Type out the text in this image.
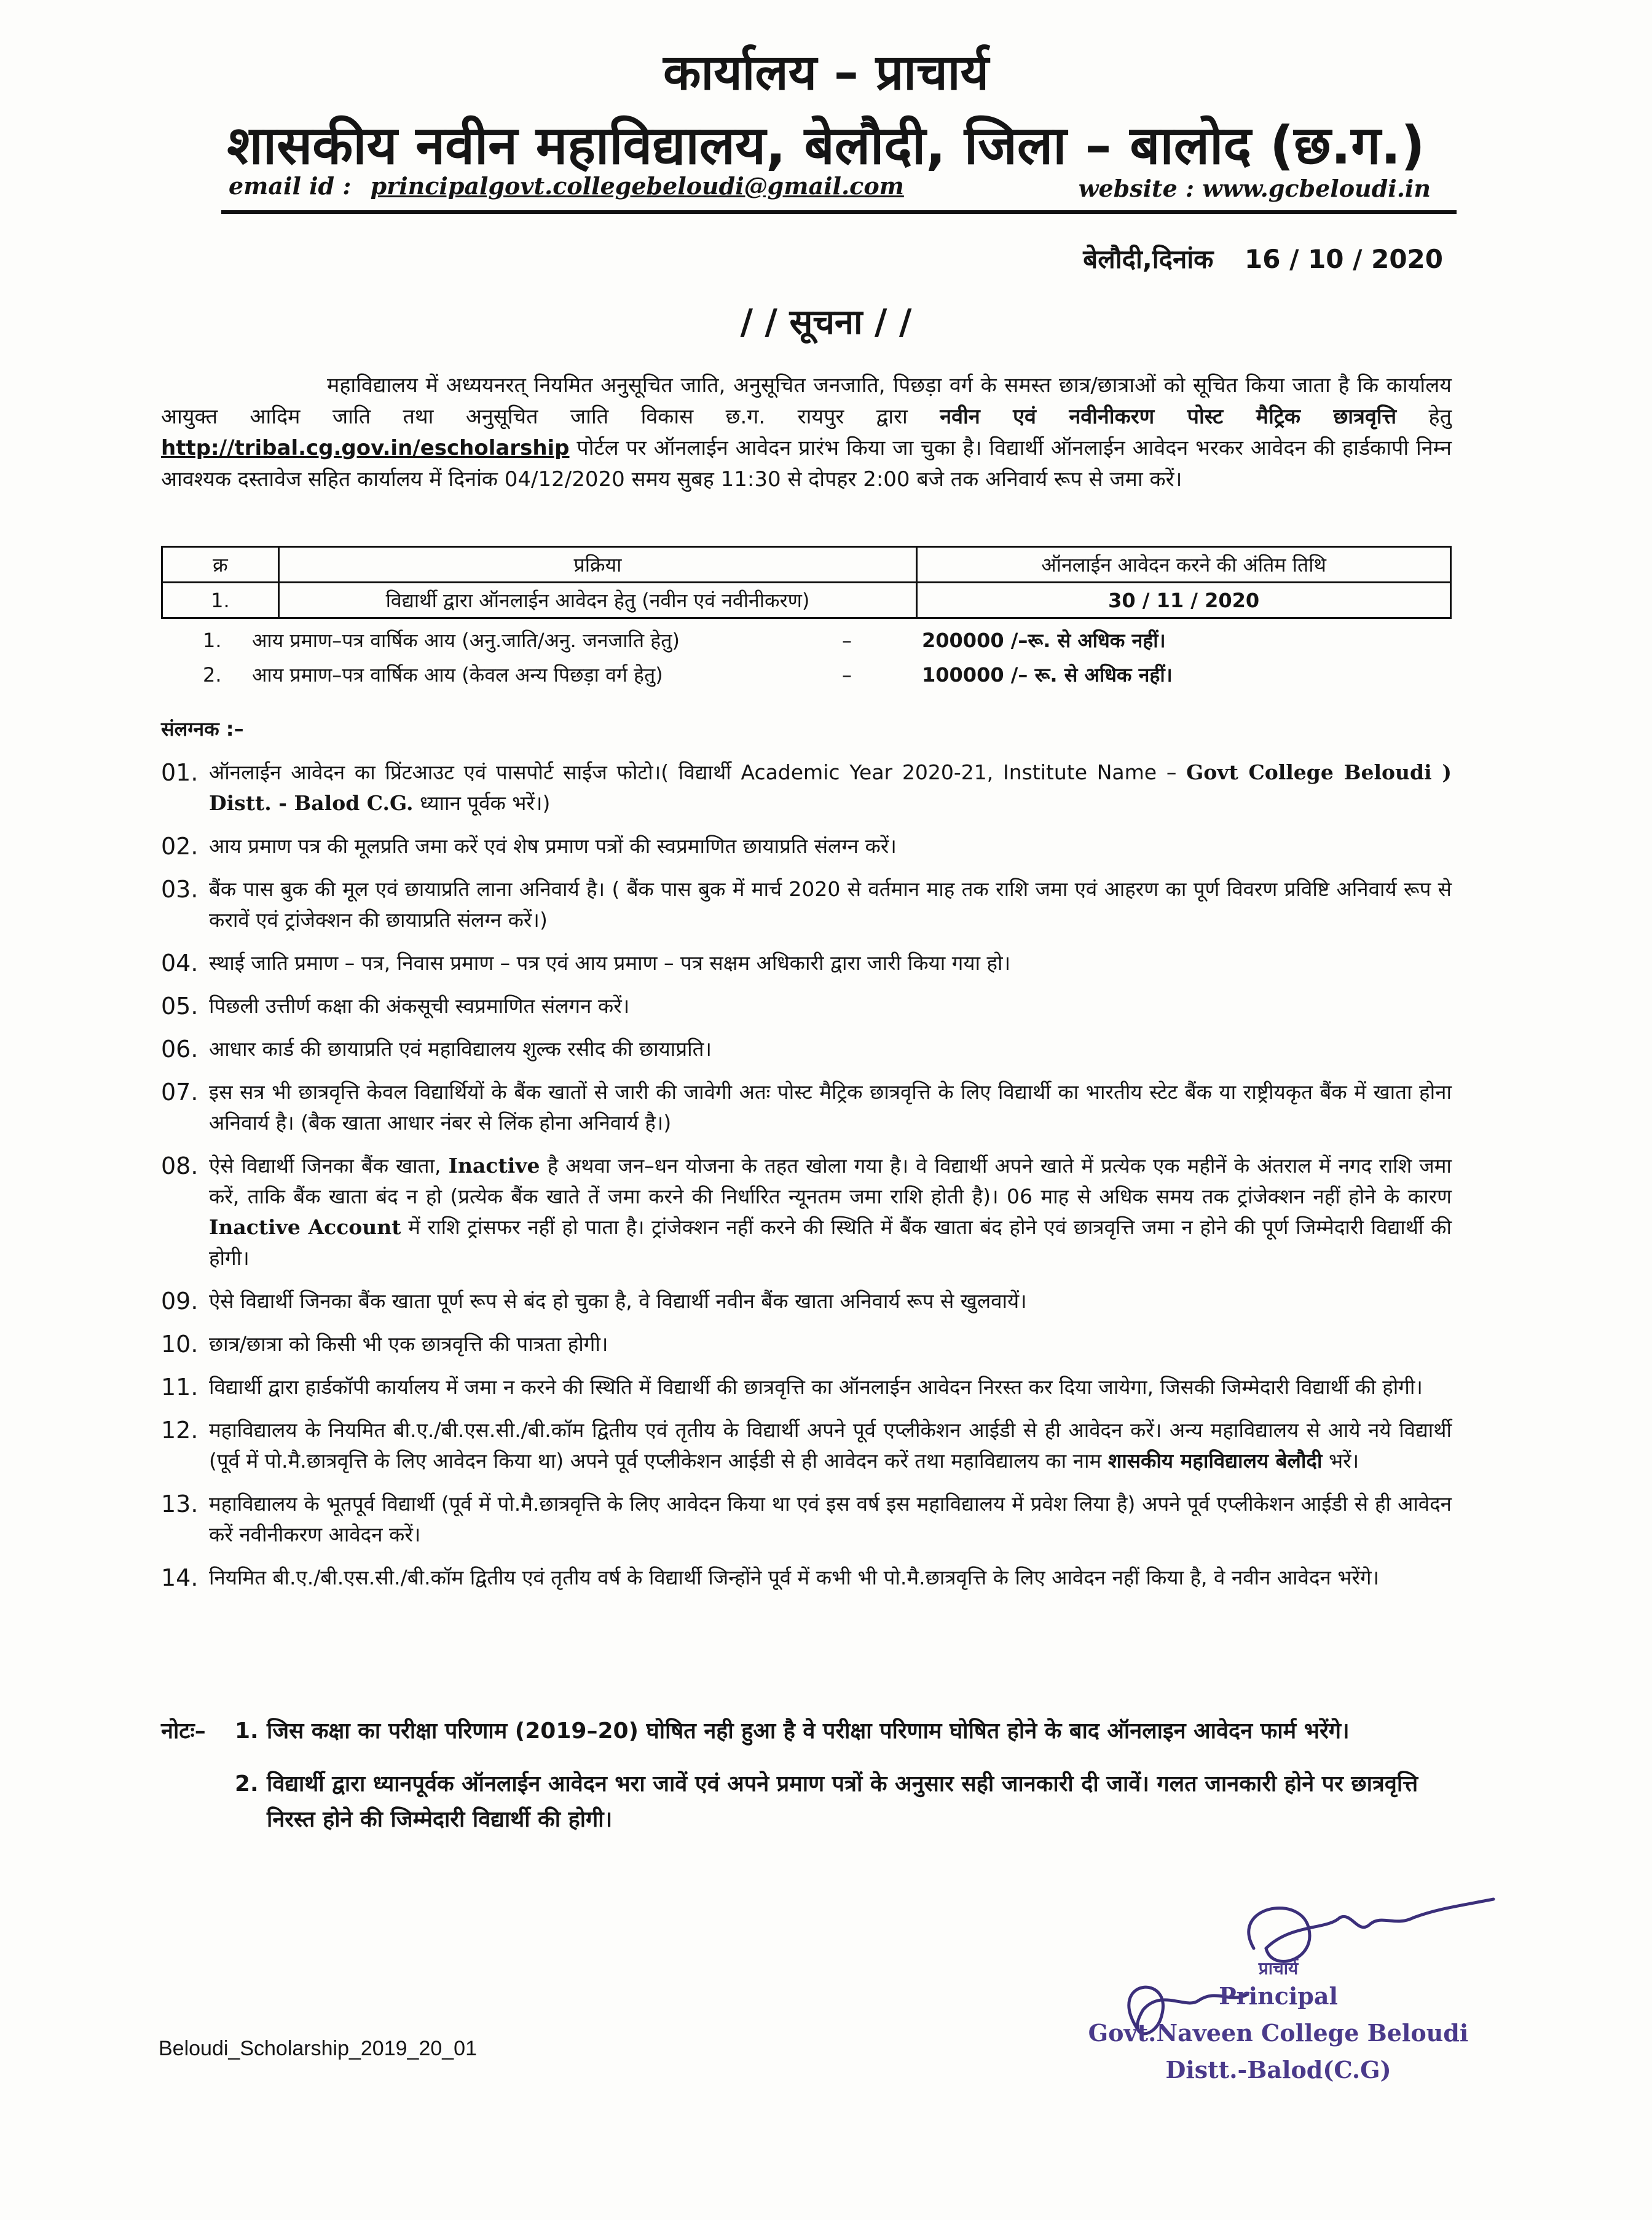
कार्यालय – प्राचार्य
शासकीय नवीन महाविद्यालय, बेलौदी, जिला – बालोद (छ.ग.)
email id : principalgovt.collegebeloudi@gmail.com	website : www.gcbeloudi.in
बेलौदी,दिनांक 16 / 10 / 2020
/ / सूचना / /
महाविद्यालय में अध्ययनरत् नियमित अनुसूचित जाति, अनुसूचित जनजाति, पिछड़ा वर्ग के समस्त छात्र/छात्राओं को सूचित किया जाता है कि कार्यालय आयुक्त आदिम जाति तथा अनुसूचित जाति विकास छ.ग. रायपुर द्वारा नवीन एवं नवीनीकरण पोस्ट मैट्रिक छात्रवृत्ति हेतु http://tribal.cg.gov.in/escholarship पोर्टल पर ऑनलाईन आवेदन प्रारंभ किया जा चुका है। विद्यार्थी ऑनलाईन आवेदन भरकर आवेदन की हार्डकापी निम्न आवश्यक दस्तावेज सहित कार्यालय में दिनांक 04/12/2020 समय सुबह 11:30 से दोपहर 2:00 बजे तक अनिवार्य रूप से जमा करें।
क्र	प्रक्रिया	ऑनलाईन आवेदन करने की अंतिम तिथि
1.	विद्यार्थी द्वारा ऑनलाईन आवेदन हेतु (नवीन एवं नवीनीकरण)	30 / 11 / 2020
1.	आय प्रमाण–पत्र वार्षिक आय (अनु.जाति/अनु. जनजाति हेतु)	–	200000 /–रू. से अधिक नहीं।
2.	आय प्रमाण–पत्र वार्षिक आय (केवल अन्य पिछड़ा वर्ग हेतु)	–	100000 /– रू. से अधिक नहीं।
संलग्नक :–
01. ऑनलाईन आवेदन का प्रिंटआउट एवं पासपोर्ट साईज फोटो।( विद्यार्थी Academic Year 2020-21, Institute Name – Govt College Beloudi ) Distt. - Balod C.G. ध्याान पूर्वक भरें।)
02. आय प्रमाण पत्र की मूलप्रति जमा करें एवं शेष प्रमाण पत्रों की स्वप्रमाणित छायाप्रति संलग्न करें।
03. बैंक पास बुक की मूल एवं छायाप्रति लाना अनिवार्य है। ( बैंक पास बुक में मार्च 2020 से वर्तमान माह तक राशि जमा एवं आहरण का पूर्ण विवरण प्रविष्टि अनिवार्य रूप से करावें एवं ट्रांजेक्शन की छायाप्रति संलग्न करें।)
04. स्थाई जाति प्रमाण – पत्र, निवास प्रमाण – पत्र एवं आय प्रमाण – पत्र सक्षम अधिकारी द्वारा जारी किया गया हो।
05. पिछली उत्तीर्ण कक्षा की अंकसूची स्वप्रमाणित संलगन करें।
06. आधार कार्ड की छायाप्रति एवं महाविद्यालय शुल्क रसीद की छायाप्रति।
07. इस सत्र भी छात्रवृत्ति केवल विद्यार्थियों के बैंक खातों से जारी की जावेगी अतः पोस्ट मैट्रिक छात्रवृत्ति के लिए विद्यार्थी का भारतीय स्टेट बैंक या राष्ट्रीयकृत बैंक में खाता होना अनिवार्य है। (बैक खाता आधार नंबर से लिंक होना अनिवार्य है।)
08. ऐसे विद्यार्थी जिनका बैंक खाता, Inactive है अथवा जन–धन योजना के तहत खोला गया है। वे विद्यार्थी अपने खाते में प्रत्येक एक महीनें के अंतराल में नगद राशि जमा करें, ताकि बैंक खाता बंद न हो (प्रत्येक बैंक खाते तें जमा करने की निर्धारित न्यूनतम जमा राशि होती है)। 06 माह से अधिक समय तक ट्रांजेक्शन नहीं होने के कारण Inactive Account में राशि ट्रांसफर नहीं हो पाता है। ट्रांजेक्शन नहीं करने की स्थिति में बैंक खाता बंद होने एवं छात्रवृत्ति जमा न होने की पूर्ण जिम्मेदारी विद्यार्थी की होगी।
09. ऐसे विद्यार्थी जिनका बैंक खाता पूर्ण रूप से बंद हो चुका है, वे विद्यार्थी नवीन बैंक खाता अनिवार्य रूप से खुलवायें।
10. छात्र/छात्रा को किसी भी एक छात्रवृत्ति की पात्रता होगी।
11. विद्यार्थी द्वारा हार्डकॉपी कार्यालय में जमा न करने की स्थिति में विद्यार्थी की छात्रवृत्ति का ऑनलाईन आवेदन निरस्त कर दिया जायेगा, जिसकी जिम्मेदारी विद्यार्थी की होगी।
12. महाविद्यालय के नियमित बी.ए./बी.एस.सी./बी.कॉम द्वितीय एवं तृतीय के विद्यार्थी अपने पूर्व एप्लीकेशन आईडी से ही आवेदन करें। अन्य महाविद्यालय से आये नये विद्यार्थी (पूर्व में पो.मै.छात्रवृत्ति के लिए आवेदन किया था) अपने पूर्व एप्लीकेशन आईडी से ही आवेदन करें तथा महाविद्यालय का नाम शासकीय महाविद्यालय बेलौदी भरें।
13. महाविद्यालय के भूतपूर्व विद्यार्थी (पूर्व में पो.मै.छात्रवृत्ति के लिए आवेदन किया था एवं इस वर्ष इस महाविद्यालय में प्रवेश लिया है) अपने पूर्व एप्लीकेशन आईडी से ही आवेदन करें नवीनीकरण आवेदन करें।
14. नियमित बी.ए./बी.एस.सी./बी.कॉम द्वितीय एवं तृतीय वर्ष के विद्यार्थी जिन्होंने पूर्व में कभी भी पो.मै.छात्रवृत्ति के लिए आवेदन नहीं किया है, वे नवीन आवेदन भरेंगे।
नोटः–	1. जिस कक्षा का परीक्षा परिणाम (2019–20) घोषित नही हुआ है वे परीक्षा परिणाम घोषित होने के बाद ऑनलाइन आवेदन फार्म भरेंगे।
2. विद्यार्थी द्वारा ध्यानपूर्वक ऑनलाईन आवेदन भरा जावें एवं अपने प्रमाण पत्रों के अनुसार सही जानकारी दी जावें। गलत जानकारी होने पर छात्रवृत्ति निरस्त होने की जिम्मेदारी विद्यार्थी की होगी।
प्राचार्य
Principal
Govt.Naveen College Beloudi
Distt.-Balod(C.G)
Beloudi_Scholarship_2019_20_01
